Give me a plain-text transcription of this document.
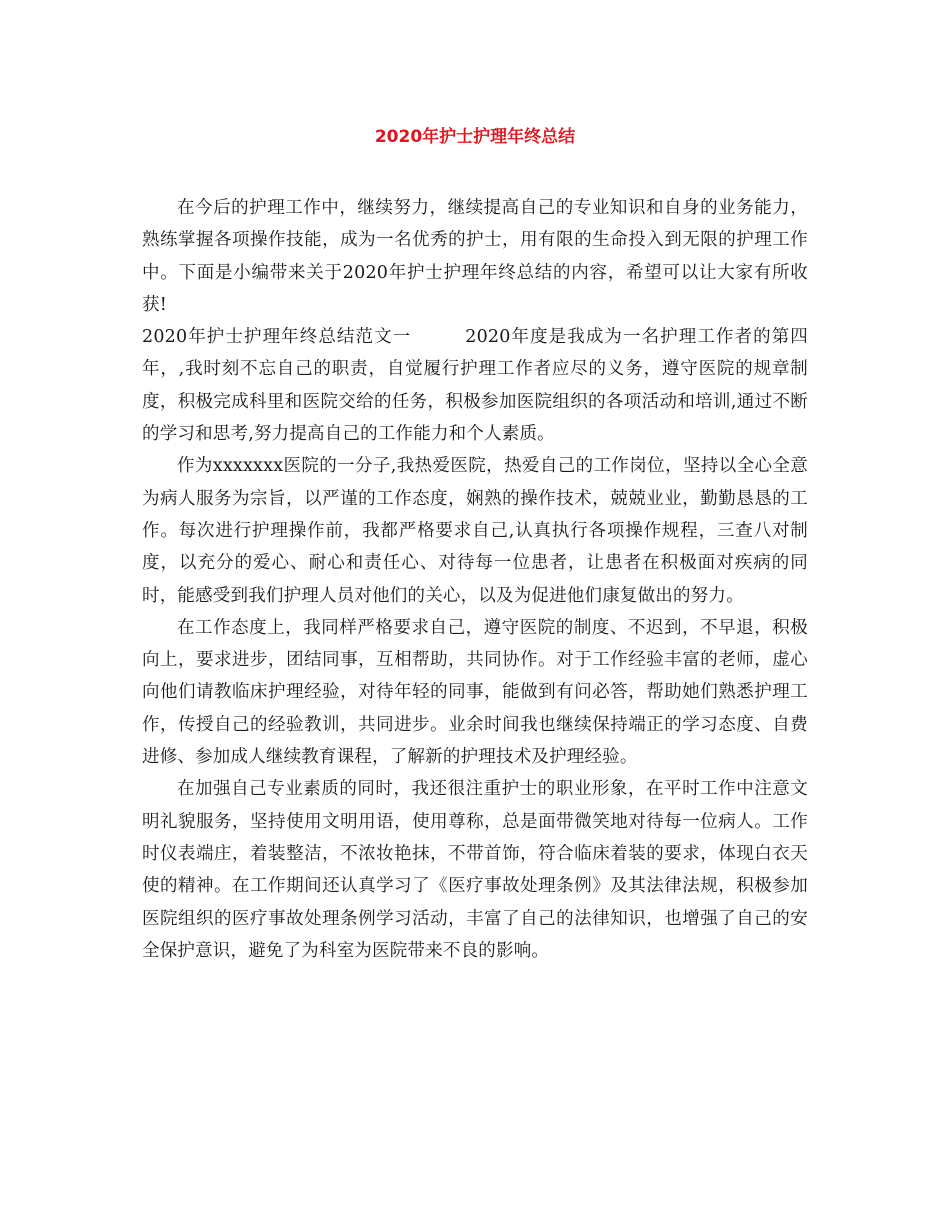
2020年护士护理年终总结

在今后的护理工作中，继续努力，继续提高自己的专业知识和自身的业务能力，熟练掌握各项操作技能，成为一名优秀的护士，用有限的生命投入到无限的护理工作中。下面是小编带来关于2020年护士护理年终总结的内容，希望可以让大家有所收获!

2020年护士护理年终总结范文一	2020年度是我成为一名护理工作者的第四年，,我时刻不忘自己的职责，自觉履行护理工作者应尽的义务，遵守医院的规章制度，积极完成科里和医院交给的任务，积极参加医院组织的各项活动和培训,通过不断的学习和思考,努力提高自己的工作能力和个人素质。

作为xxxxxxx医院的一分子,我热爱医院，热爱自己的工作岗位，坚持以全心全意为病人服务为宗旨，以严谨的工作态度，娴熟的操作技术，兢兢业业，勤勤恳恳的工作。每次进行护理操作前，我都严格要求自己,认真执行各项操作规程，三查八对制度，以充分的爱心、耐心和责任心、对待每一位患者，让患者在积极面对疾病的同时，能感受到我们护理人员对他们的关心，以及为促进他们康复做出的努力。

在工作态度上，我同样严格要求自己，遵守医院的制度、不迟到，不早退，积极向上，要求进步，团结同事，互相帮助，共同协作。对于工作经验丰富的老师，虚心向他们请教临床护理经验，对待年轻的同事，能做到有问必答，帮助她们熟悉护理工作，传授自己的经验教训，共同进步。业余时间我也继续保持端正的学习态度、自费进修、参加成人继续教育课程，了解新的护理技术及护理经验。

在加强自己专业素质的同时，我还很注重护士的职业形象，在平时工作中注意文明礼貌服务，坚持使用文明用语，使用尊称，总是面带微笑地对待每一位病人。工作时仪表端庄，着装整洁，不浓妆艳抹，不带首饰，符合临床着装的要求，体现白衣天使的精神。在工作期间还认真学习了《医疗事故处理条例》及其法律法规，积极参加医院组织的医疗事故处理条例学习活动，丰富了自己的法律知识，也增强了自己的安全保护意识，避免了为科室为医院带来不良的影响。
